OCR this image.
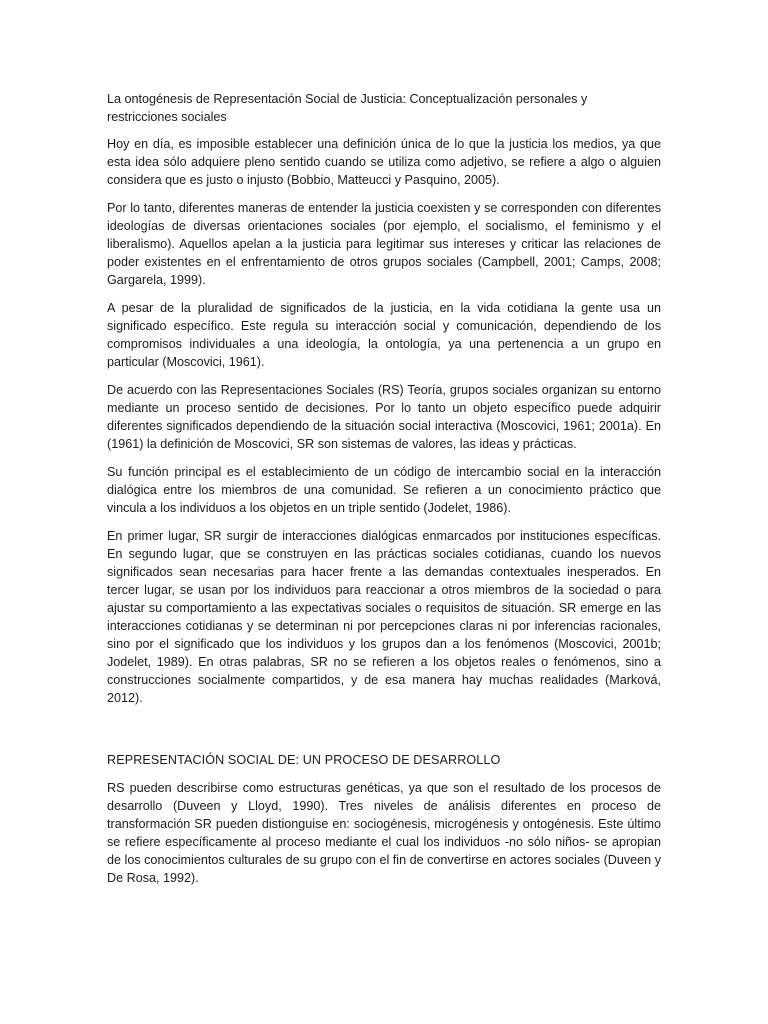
La ontogénesis de Representación Social de Justicia: Conceptualización personales y restricciones sociales

Hoy en día, es imposible establecer una definición única de lo que la justicia los medios, ya que esta idea sólo adquiere pleno sentido cuando se utiliza como adjetivo, se refiere a algo o alguien considera que es justo o injusto (Bobbio, Matteucci y Pasquino, 2005).

Por lo tanto, diferentes maneras de entender la justicia coexisten y se corresponden con diferentes ideologías de diversas orientaciones sociales (por ejemplo, el socialismo, el feminismo y el liberalismo). Aquellos apelan a la justicia para legitimar sus intereses y criticar las relaciones de poder existentes en el enfrentamiento de otros grupos sociales (Campbell, 2001; Camps, 2008; Gargarela, 1999).

A pesar de la pluralidad de significados de la justicia, en la vida cotidiana la gente usa un significado específico. Este regula su interacción social y comunicación, dependiendo de los compromisos individuales a una ideología, la ontología, ya una pertenencia a un grupo en particular (Moscovici, 1961).

De acuerdo con las Representaciones Sociales (RS) Teoría, grupos sociales organizan su entorno mediante un proceso sentido de decisiones. Por lo tanto un objeto específico puede adquirir diferentes significados dependiendo de la situación social interactiva (Moscovici, 1961; 2001a). En (1961) la definición de Moscovici, SR son sistemas de valores, las ideas y prácticas.

Su función principal es el establecimiento de un código de intercambio social en la interacción dialógica entre los miembros de una comunidad. Se refieren a un conocimiento práctico que vincula a los individuos a los objetos en un triple sentido (Jodelet, 1986).

En primer lugar, SR surgir de interacciones dialógicas enmarcados por instituciones específicas. En segundo lugar, que se construyen en las prácticas sociales cotidianas, cuando los nuevos significados sean necesarias para hacer frente a las demandas contextuales inesperados. En tercer lugar, se usan por los individuos para reaccionar a otros miembros de la sociedad o para ajustar su comportamiento a las expectativas sociales o requisitos de situación. SR emerge en las interacciones cotidianas y se determinan ni por percepciones claras ni por inferencias racionales, sino por el significado que los individuos y los grupos dan a los fenómenos (Moscovici, 2001b; Jodelet, 1989). En otras palabras, SR no se refieren a los objetos reales o fenómenos, sino a construcciones socialmente compartidos, y de esa manera hay muchas realidades (Marková, 2012).

REPRESENTACIÓN SOCIAL DE: UN PROCESO DE DESARROLLO

RS pueden describirse como estructuras genéticas, ya que son el resultado de los procesos de desarrollo (Duveen y Lloyd, 1990). Tres niveles de análisis diferentes en proceso de transformación SR pueden distionguise en: sociogénesis, microgénesis y ontogénesis. Este último se refiere específicamente al proceso mediante el cual los individuos -no sólo niños- se apropian de los conocimientos culturales de su grupo con el fin de convertirse en actores sociales (Duveen y De Rosa, 1992).
